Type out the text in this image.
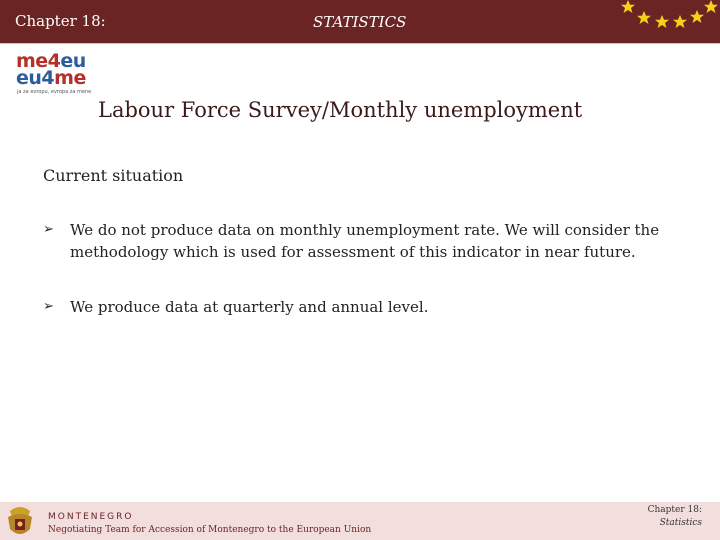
Chapter 18:	STATISTICS
me4eu
eu4me
ja za evropu, evropa za mene
Labour Force Survey/Monthly unemployment
Current situation
➢ We do not produce data on monthly unemployment rate. We will consider the methodology which is used for assessment of this indicator in near future.
➢ We produce data at quarterly and annual level.
MONTENEGRO
Negotiating Team for Accession of Montenegro to the European Union
Chapter 18:
Statistics
